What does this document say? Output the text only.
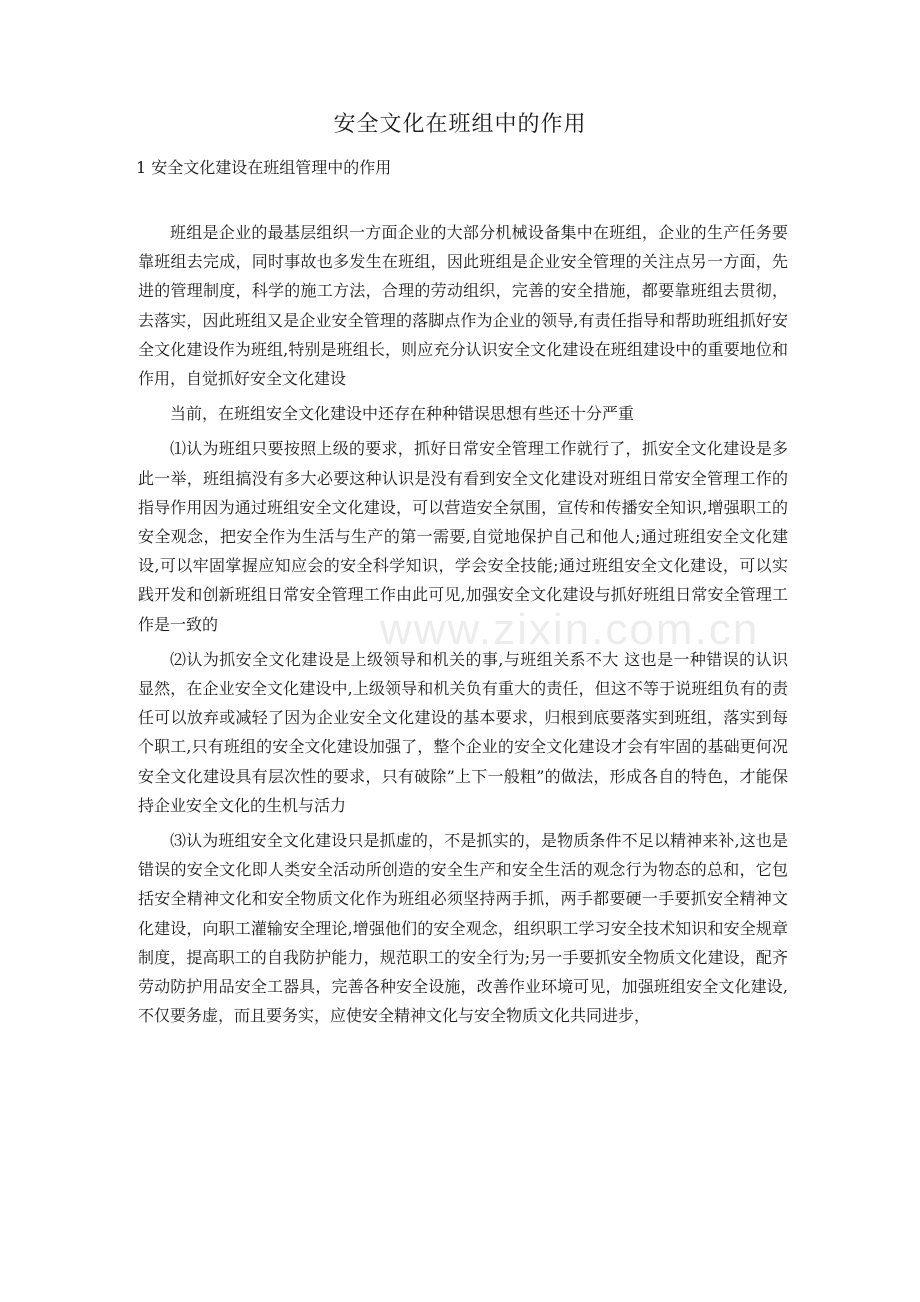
安全文化在班组中的作用
1 安全文化建设在班组管理中的作用

班组是企业的最基层组织一方面企业的大部分机械设备集中在班组，企业的生产任务要靠班组去完成，同时事故也多发生在班组，因此班组是企业安全管理的关注点另一方面，先进的管理制度，科学的施工方法，合理的劳动组织，完善的安全措施，都要靠班组去贯彻，去落实，因此班组又是企业安全管理的落脚点作为企业的领导,有责任指导和帮助班组抓好安全文化建设作为班组,特别是班组长，则应充分认识安全文化建设在班组建设中的重要地位和作用，自觉抓好安全文化建设

当前，在班组安全文化建设中还存在种种错误思想有些还十分严重

⑴认为班组只要按照上级的要求，抓好日常安全管理工作就行了，抓安全文化建设是多此一举，班组搞没有多大必要这种认识是没有看到安全文化建设对班组日常安全管理工作的指导作用因为通过班组安全文化建设，可以营造安全氛围，宣传和传播安全知识,增强职工的安全观念，把安全作为生活与生产的第一需要,自觉地保护自己和他人;通过班组安全文化建设,可以牢固掌握应知应会的安全科学知识，学会安全技能;通过班组安全文化建设，可以实践开发和创新班组日常安全管理工作由此可见,加强安全文化建设与抓好班组日常安全管理工作是一致的

⑵认为抓安全文化建设是上级领导和机关的事,与班组关系不大 这也是一种错误的认识 显然，在企业安全文化建设中,上级领导和机关负有重大的责任，但这不等于说班组负有的责任可以放弃或减轻了因为企业安全文化建设的基本要求，归根到底要落实到班组，落实到每个职工,只有班组的安全文化建设加强了，整个企业的安全文化建设才会有牢固的基础更何况安全文化建设具有层次性的要求，只有破除”上下一般粗”的做法，形成各自的特色，才能保持企业安全文化的生机与活力

⑶认为班组安全文化建设只是抓虚的，不是抓实的，是物质条件不足以精神来补,这也是错误的安全文化即人类安全活动所创造的安全生产和安全生活的观念行为物态的总和，它包括安全精神文化和安全物质文化作为班组必须坚持两手抓，两手都要硬一手要抓安全精神文化建设，向职工灌输安全理论,增强他们的安全观念，组织职工学习安全技术知识和安全规章制度，提高职工的自我防护能力，规范职工的安全行为;另一手要抓安全物质文化建设，配齐劳动防护用品安全工器具，完善各种安全设施，改善作业环境可见，加强班组安全文化建设,不仅要务虚，而且要务实，应使安全精神文化与安全物质文化共同进步，

www.zixin.com.cn
